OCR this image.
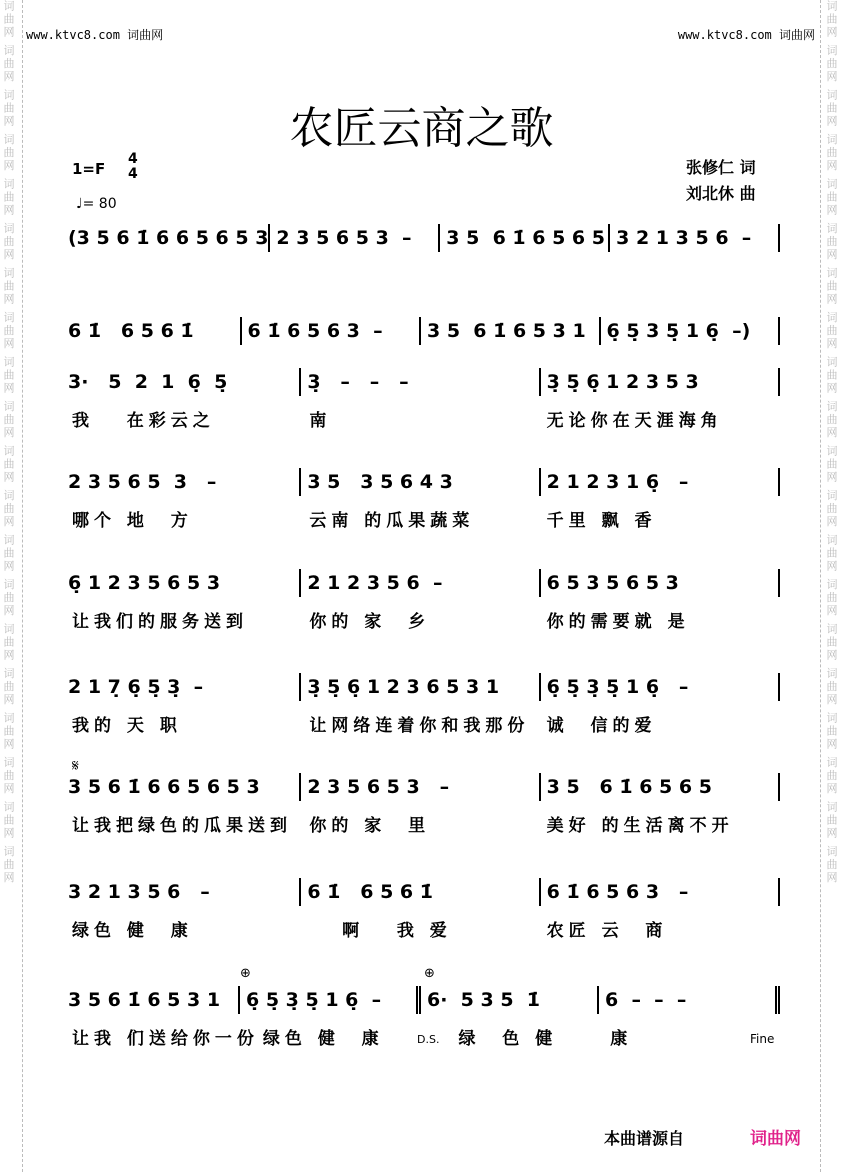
词曲网 词曲网 词曲网 词曲网 词曲网 词曲网 词曲网 词曲网 词曲网 词曲网 词曲网 词曲网 词曲网 词曲网 词曲网 词曲网 词曲网 词曲网 词曲网 词曲网	词曲网 词曲网 词曲网 词曲网 词曲网 词曲网 词曲网 词曲网 词曲网 词曲网 词曲网 词曲网 词曲网 词曲网 词曲网 词曲网 词曲网 词曲网 词曲网 词曲网
www.ktvc8.com 词曲网	www.ktvc8.com 词曲网
农匠云商之歌
1=F
4
4
♩= 80
张修仁 词
刘北休 曲
(3 5 6 1̇ 6 6 5 6 5 3 2 3 5 6 5 3  –	3 5  6 1̇ 6 5 6 5 3 2 1 3 5 6  –
6 1̇   6 5 6 1̇	6 1̇ 6 5 6 3  –	3 5  6 1̇ 6 5 3 1	6̣ 5̣ 3 5̣ 1 6̣  –)
3·   5  2  1  6̣  5̣	3̣   –   –   –	3̣ 5̣ 6̣ 1 2 3 5 3
我   在彩云之	南	无论你在天涯海角
2 3 5 6 5  3   –	3 5   3 5 6 4 3	2 1 2 3 1 6̣   –
哪个 地  方	云南 的瓜果蔬菜	千里 飘 香
6̣ 1 2 3 5 6 5 3	2 1 2 3 5 6  –	6 5 3 5 6 5 3
让我们的服务送到	你的 家  乡	你的需要就 是
2 1 7̣ 6̣ 5̣ 3̣  –	3̣ 5̣ 6̣ 1 2 3 6 5 3 1	6̣ 5̣ 3̣ 5̣ 1 6̣   –
我的 天 职	让网络连着你和我那份	诚  信的爱
3 5 6 1̇ 6 6 5 6 5 3	2 3 5 6 5 3   –	3 5   6 1̇ 6 5 6 5
让我把绿色的瓜果送到	你的 家  里	美好 的生活离不开
3 2 1 3 5 6   –	6 1̇   6 5 6 1̇	6 1̇ 6 5 6 3   –
绿色 健  康	啊   我 爱	农匠 云  商
3 5 6 1̇ 6 5 3 1	6̣ 5̣ 3̣ 5̣ 1 6̣  –	6·  5 3 5  1̇	6  –  –  –
让我 们送给你一份 绿色 健  康	绿  色 健	康
𝄋
⊕	⊕
D.S.	Fine
本曲谱源自	词曲网
